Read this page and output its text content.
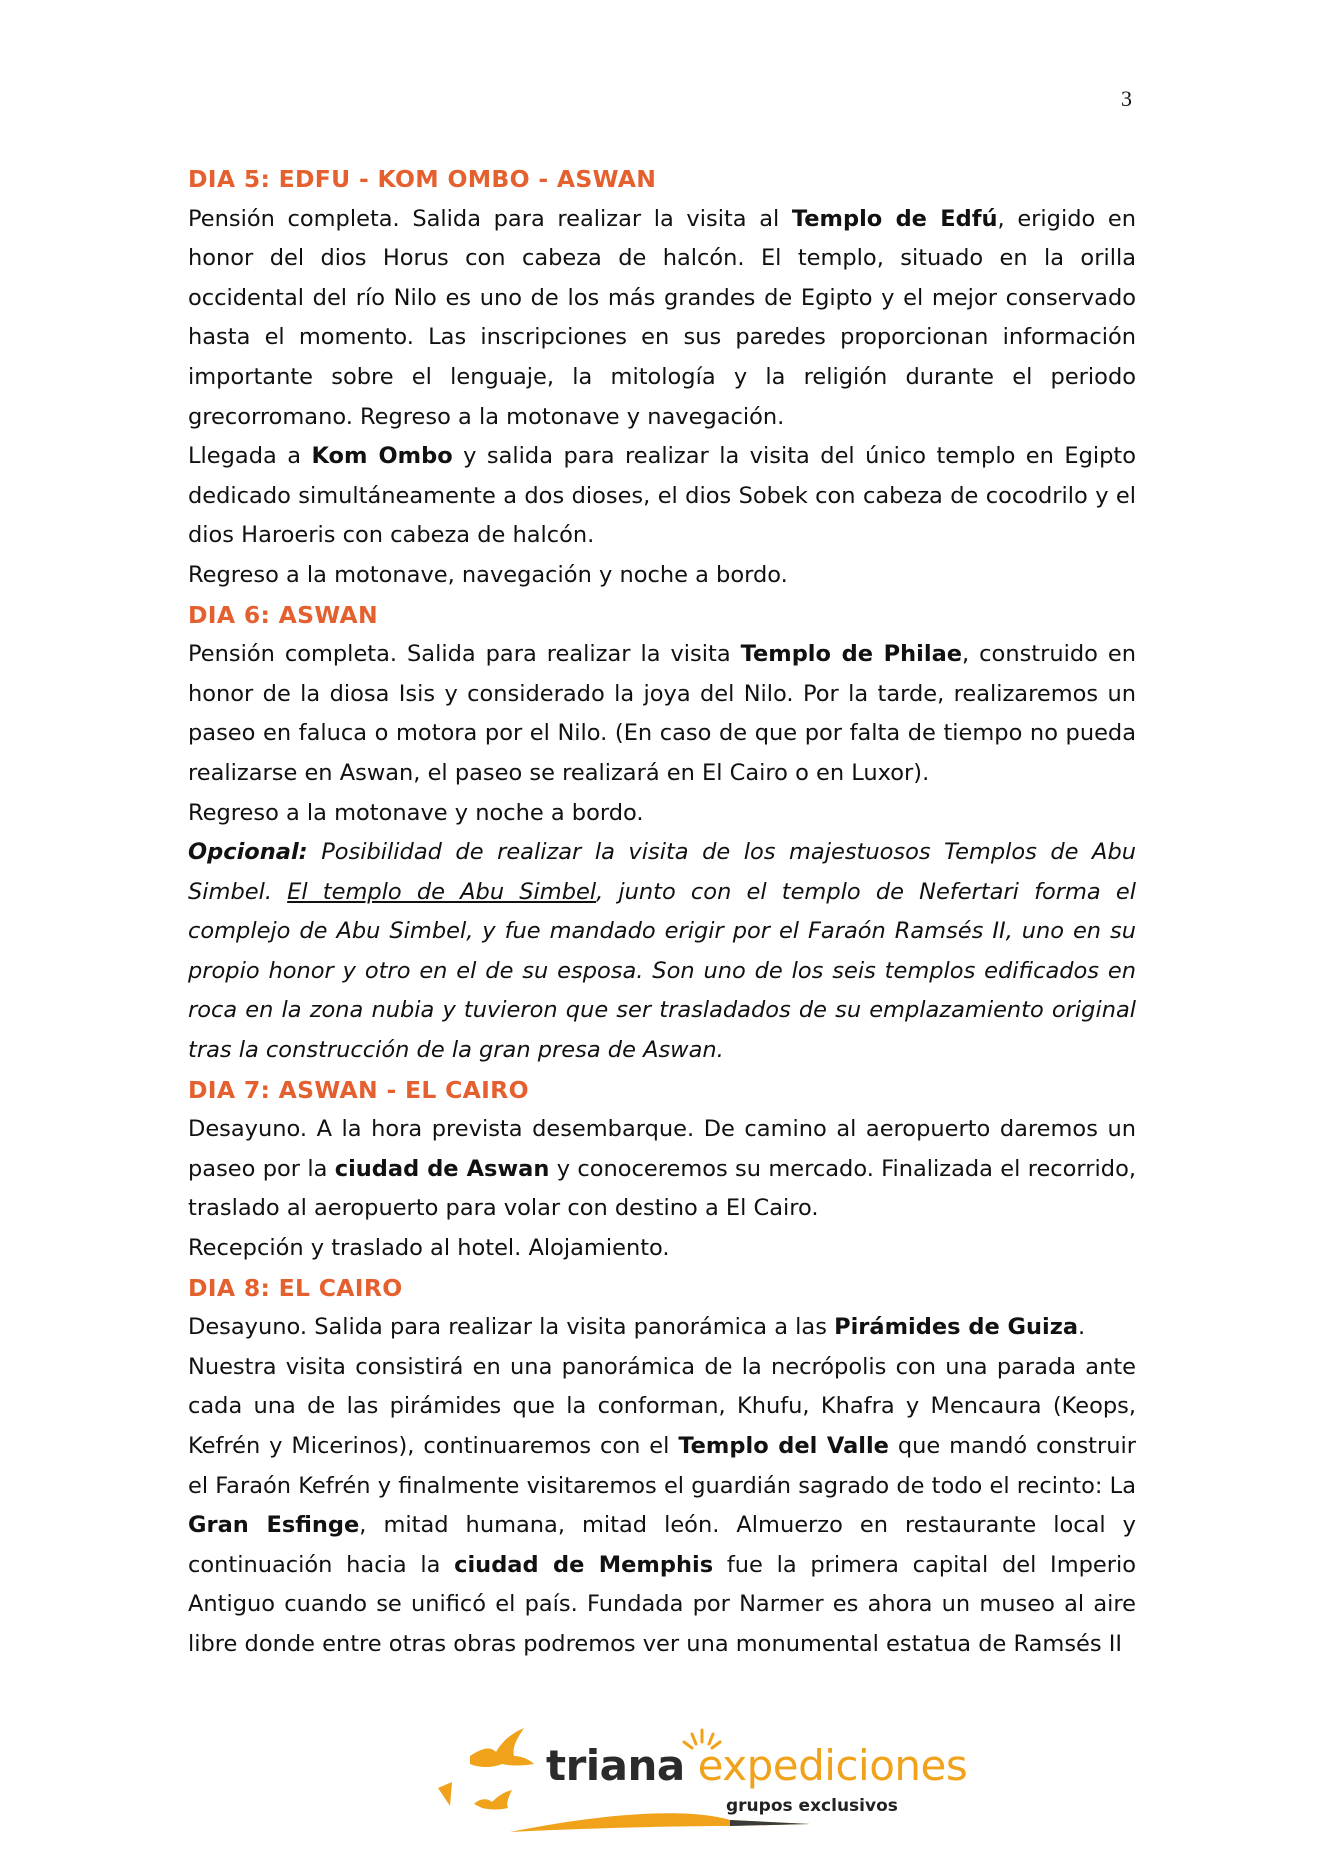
3
DIA 5: EDFU - KOM OMBO - ASWAN

Pensión completa. Salida para realizar la visita al Templo de Edfú, erigido en honor del dios Horus con cabeza de halcón. El templo, situado en la orilla occidental del río Nilo es uno de los más grandes de Egipto y el mejor conservado hasta el momento. Las inscripciones en sus paredes proporcionan información importante sobre el lenguaje, la mitología y la religión durante el periodo grecorromano. Regreso a la motonave y navegación.

Llegada a Kom Ombo y salida para realizar la visita del único templo en Egipto dedicado simultáneamente a dos dioses, el dios Sobek con cabeza de cocodrilo y el dios Haroeris con cabeza de halcón.

Regreso a la motonave, navegación y noche a bordo.

DIA 6: ASWAN

Pensión completa. Salida para realizar la visita Templo de Philae, construido en honor de la diosa Isis y considerado la joya del Nilo. Por la tarde, realizaremos un paseo en faluca o motora por el Nilo. (En caso de que por falta de tiempo no pueda realizarse en Aswan, el paseo se realizará en El Cairo o en Luxor).

Regreso a la motonave y noche a bordo.

Opcional: Posibilidad de realizar la visita de los majestuosos Templos de Abu Simbel. El templo de Abu Simbel, junto con el templo de Nefertari forma el complejo de Abu Simbel, y fue mandado erigir por el Faraón Ramsés II, uno en su propio honor y otro en el de su esposa. Son uno de los seis templos edificados en roca en la zona nubia y tuvieron que ser trasladados de su emplazamiento original tras la construcción de la gran presa de Aswan.

DIA 7: ASWAN - EL CAIRO

Desayuno. A la hora prevista desembarque. De camino al aeropuerto daremos un paseo por la ciudad de Aswan y conoceremos su mercado. Finalizada el recorrido, traslado al aeropuerto para volar con destino a El Cairo.

Recepción y traslado al hotel. Alojamiento.

DIA 8: EL CAIRO

Desayuno. Salida para realizar la visita panorámica a las Pirámides de Guiza.

Nuestra visita consistirá en una panorámica de la necrópolis con una parada ante cada una de las pirámides que la conforman, Khufu, Khafra y Mencaura (Keops, Kefrén y Micerinos), continuaremos con el Templo del Valle que mandó construir el Faraón Kefrén y finalmente visitaremos el guardián sagrado de todo el recinto: La Gran Esfinge, mitad humana, mitad león. Almuerzo en restaurante local y continuación hacia la ciudad de Memphis fue la primera capital del Imperio Antiguo cuando se unificó el país. Fundada por Narmer es ahora un museo al aire libre donde entre otras obras podremos ver una monumental estatua de Ramsés II

triana expediciones
grupos exclusivos
